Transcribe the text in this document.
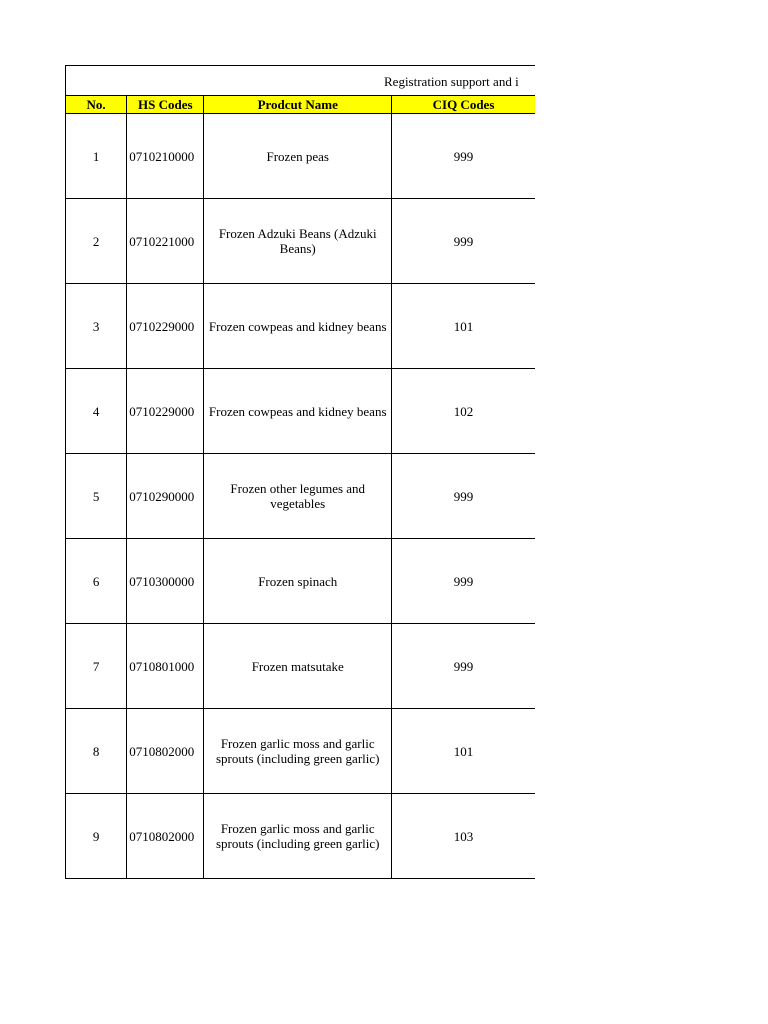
Registration support and i
No.	HS Codes	Prodcut Name	CIQ Codes
1	0710210000	Frozen peas	999
2	0710221000	Frozen Adzuki Beans (Adzuki Beans)	999
3	0710229000	Frozen cowpeas and kidney beans	101
4	0710229000	Frozen cowpeas and kidney beans	102
5	0710290000	Frozen other legumes and vegetables	999
6	0710300000	Frozen spinach	999
7	0710801000	Frozen matsutake	999
8	0710802000	Frozen garlic moss and garlic sprouts (including green garlic)	101
9	0710802000	Frozen garlic moss and garlic sprouts (including green garlic)	103
